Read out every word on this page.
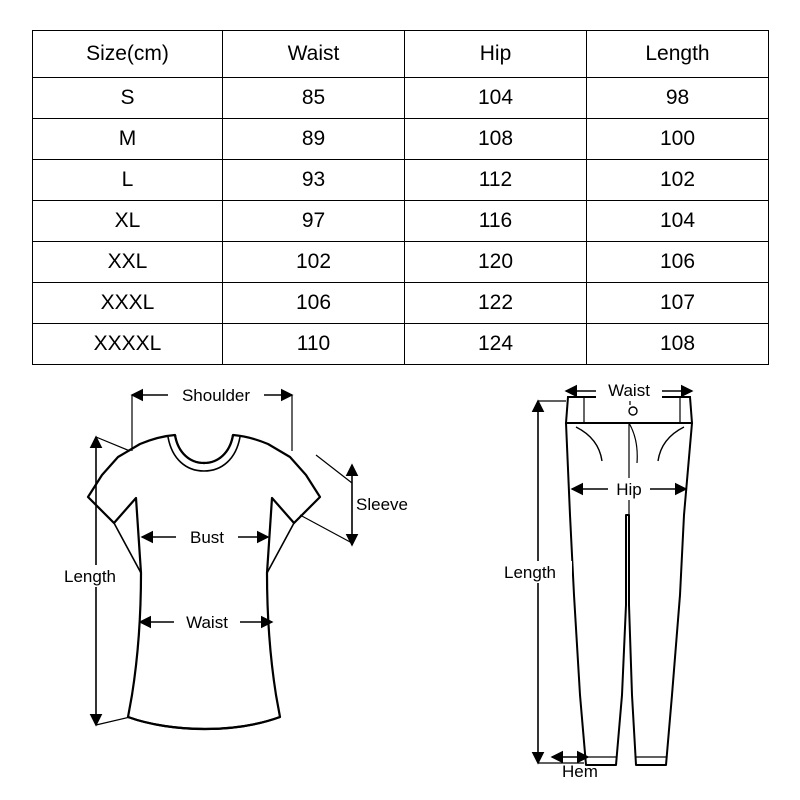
Size(cm)	Waist	Hip	Length
S	85	104	98
M	89	108	100
L	93	112	102
XL	97	116	104
XXL	102	120	106
XXXL	106	122	107
XXXXL	110	124	108
Shoulder
Sleeve
Bust
Waist
Length
Waist
Hip
Length
Hem
